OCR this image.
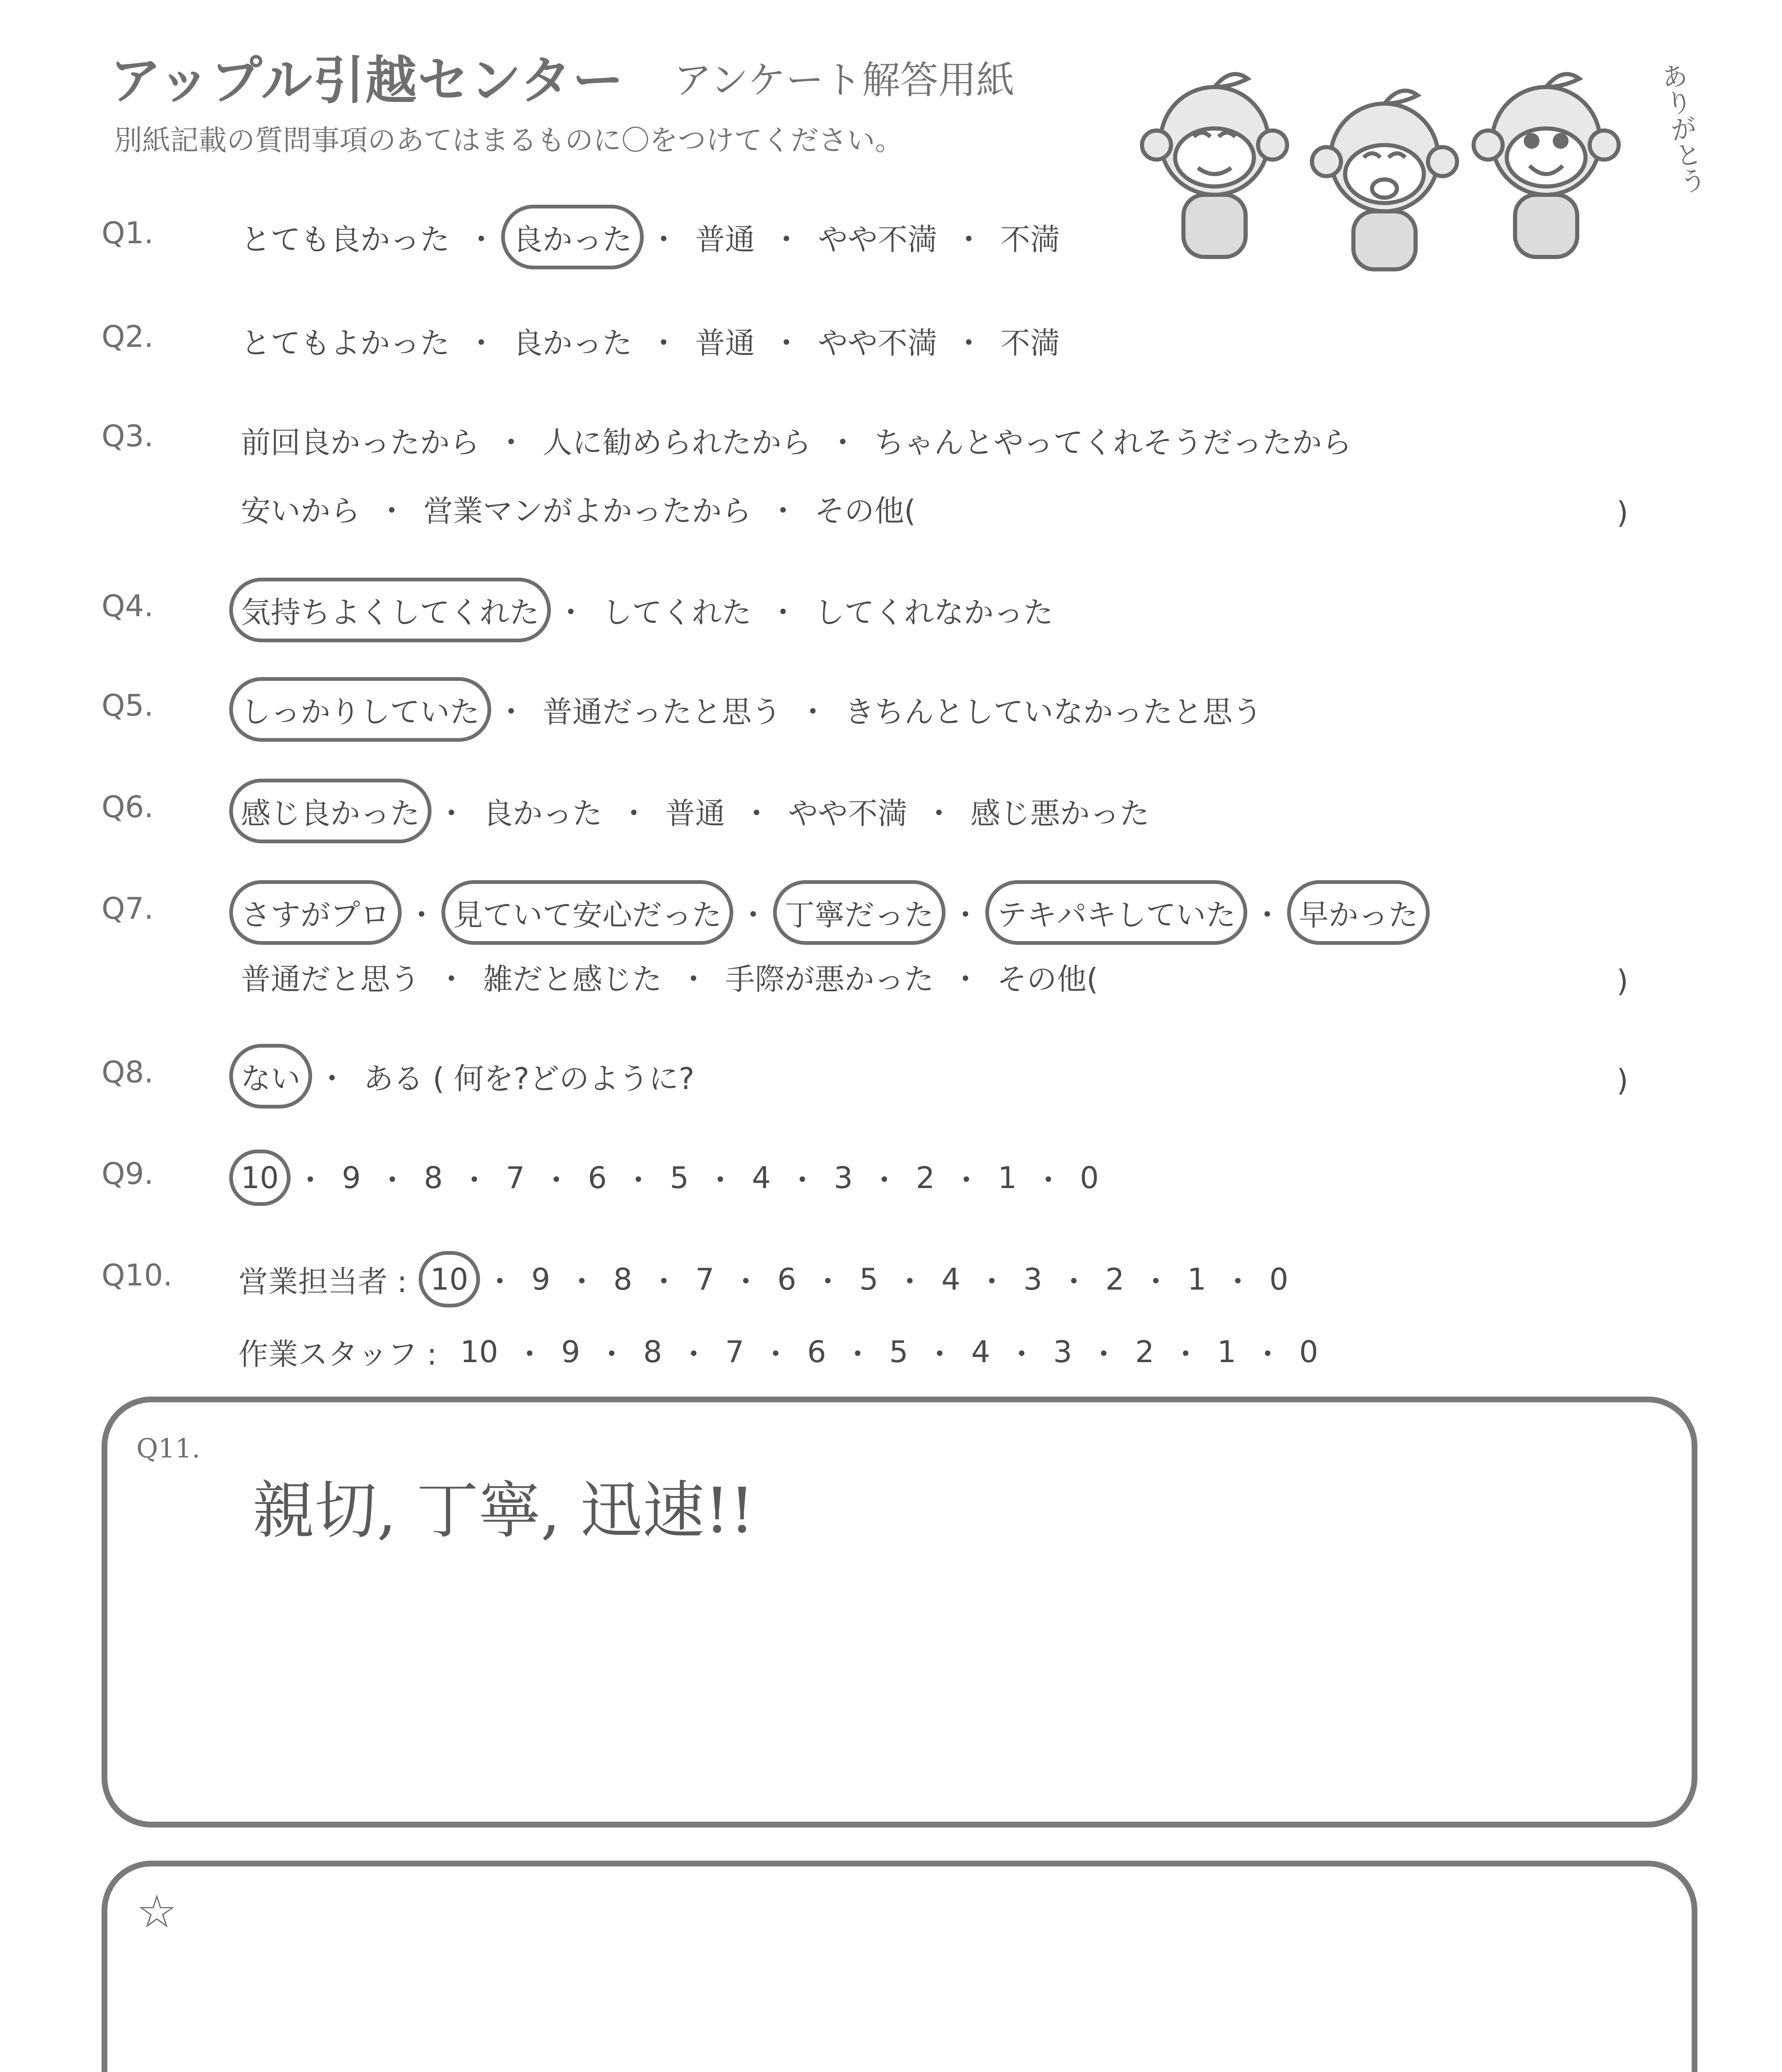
アップル引越センター アンケート解答用紙
別紙記載の質問事項のあてはまるものに〇をつけてください。	ありがとう
Q1.	とても良かった ・ 良かった ・ 普通 ・ やや不満 ・ 不満
Q2.	とてもよかった ・ 良かった ・ 普通 ・ やや不満 ・ 不満
Q3.	前回良かったから ・ 人に勧められたから ・ ちゃんとやってくれそうだったから
安いから ・ 営業マンがよかったから ・ その他(
Q4.	気持ちよくしてくれた ・ してくれた ・ してくれなかった
Q5.	しっかりしていた ・ 普通だったと思う ・ きちんとしていなかったと思う
Q6.	感じ良かった ・ 良かった ・ 普通 ・ やや不満 ・ 感じ悪かった
Q7.	さすがプロ ・ 見ていて安心だった ・ 丁寧だった ・ テキパキしていた ・ 早かった
普通だと思う ・ 雑だと感じた ・ 手際が悪かった ・ その他(
Q8.	ない ・ ある ( 何を?どのように?
Q9.	10 ・ 9 ・ 8 ・ 7 ・ 6 ・ 5 ・ 4 ・ 3 ・ 2 ・ 1 ・ 0
Q10. 営業担当者 : 10 ・ 9 ・ 8 ・ 7 ・ 6 ・ 5 ・ 4 ・ 3 ・ 2 ・ 1 ・ 0
作業スタッフ : 10 ・ 9 ・ 8 ・ 7 ・ 6 ・ 5 ・ 4 ・ 3 ・ 2 ・ 1 ・ 0
)
)
)
Q11.
親切, 丁寧, 迅速!!
☆
